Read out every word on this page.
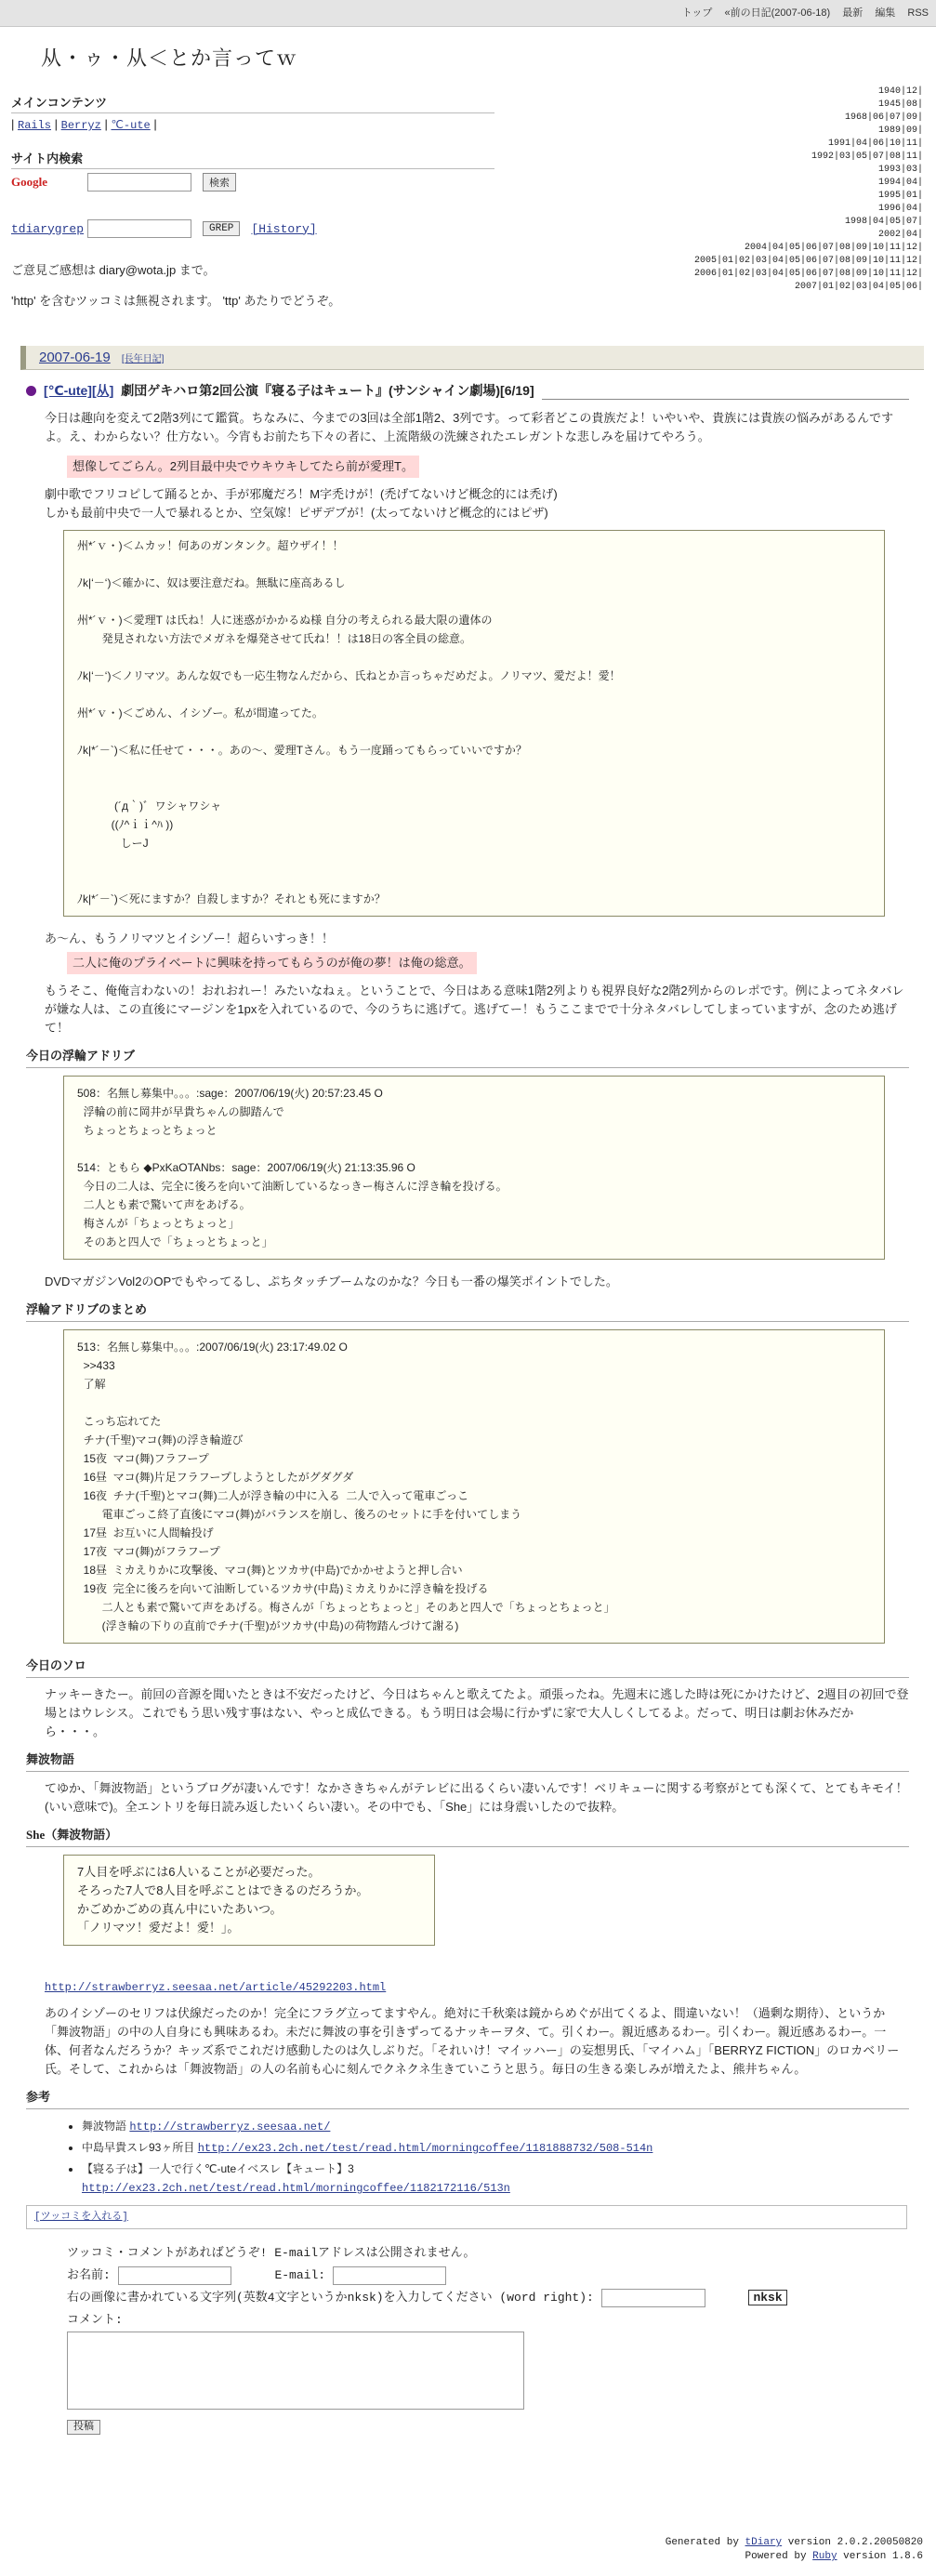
トップ «前の日記(2007-06-18) 最新 編集 RSS
从・ゥ・从＜とか言ってｗ
メインコンテンツ
| Rails | Berryz | ℃-ute |
サイト内検索
Google	検索
tdiarygrep	GREP	[History]
ご意見ご感想は diary@wota.jp まで。
'http' を含むツッコミは無視されます。 'ttp' あたりでどうぞ。
1940|12|
1945|08|
1968|06|07|09|
1989|09|
1991|04|06|10|11|
1992|03|05|07|08|11|
1993|03|
1994|04|
1995|01|
1996|04|
1998|04|05|07|
2002|04|
2004|04|05|06|07|08|09|10|11|12|
2005|01|02|03|04|05|06|07|08|09|10|11|12|
2006|01|02|03|04|05|06|07|08|09|10|11|12|
2007|01|02|03|04|05|06|
2007-06-19 [長年日記]
[℃-ute][从] 劇団ゲキハロ第2回公演『寝る子はキュート』(サンシャイン劇場)[6/19]

今日は趣向を変えて2階3列にて鑑賞。ちなみに、今までの3回は全部1階2、3列です。って彩者どこの貴族だよ！いやいや、貴族には貴族の悩みがあるんですよ。え、わからない？仕方ない。今宵もお前たち下々の者に、上流階級の洗練されたエレガントな悲しみを届けてやろう。

想像してごらん。2列目最中央でウキウキしてたら前が愛理T。

劇中歌でフリコピして踊るとか、手が邪魔だろ！M字禿けが！(禿げてないけど概念的には禿げ)

しかも最前中央で一人で暴れるとか、空気嫁！ピザデブが！(太ってないけど概念的にはピザ)

州*´ｖ・)＜ムカッ！何あのガンタンク。超ウザイ！！
ﾉk|‘－‘)＜確かに、奴は要注意だね。無駄に座高あるし
州*´ｖ・)＜愛理T は氏ね！人に迷惑がかかるぬ様 自分の考えられる最大限の遺体の
発見されない方法でメガネを爆発させて氏ね！！は18日の客全員の総意。
ﾉk|‘－‘)＜ノリマツ。あんな奴でも一応生物なんだから、氏ねとか言っちゃだめだよ。ノリマツ、愛だよ！愛！
州*´ｖ・)＜ごめん、イシゾー。私が間違ってた。
ﾉk|*´－`)＜私に任せて・・・。あの～、愛理Tさん。もう一度踊ってもらっていいですか？
(´д｀)ﾞ  ワシャワシャ
((ﾉ^ｉｉ^ﾊ ))
しーJ
ﾉk|*´－`)＜死にますか？自殺しますか？それとも死にますか？

あ～ん、もうノリマツとイシゾー！超らいすっき！！

二人に俺のプライベートに興味を持ってもらうのが俺の夢！は俺の総意。

もうそこ、俺俺言わないの！おれおれー！みたいなねぇ。ということで、今日はある意味1階2列よりも視界良好な2階2列からのレポです。例によってネタバレが嫌な人は、この直後にマージンを1pxを入れているので、今のうちに逃げて。逃げてー！もうここまでで十分ネタバレしてしまっていますが、念のため逃げて！

今日の浮輪アドリブ
508：名無し募集中。。。:sage：2007/06/19(火) 20:57:23.45 O
浮輪の前に岡井が早貴ちゃんの脚踏んで
ちょっとちょっとちょっと
514：ともら ◆PxKaOTANbs：sage：2007/06/19(火) 21:13:35.96 O
今日の二人は、完全に後ろを向いて油断しているなっきー梅さんに浮き輪を投げる。
二人とも素で驚いて声をあげる。
梅さんが「ちょっとちょっと」
そのあと四人で「ちょっとちょっと」

DVDマガジンVol2のOPでもやってるし、ぷちタッチブームなのかな？今日も一番の爆笑ポイントでした。

浮輪アドリブのまとめ
513：名無し募集中。。。:2007/06/19(火) 23:17:49.02 O
>>433
了解
こっち忘れてた
チナ(千聖)マコ(舞)の浮き輪遊び
15夜  マコ(舞)フラフープ
16昼  マコ(舞)片足フラフープしようとしたがグダグダ
16夜  チナ(千聖)とマコ(舞)二人が浮き輪の中に入る  二人で入って電車ごっこ
電車ごっこ終了直後にマコ(舞)がバランスを崩し、後ろのセットに手を付いてしまう
17昼  お互いに人間輪投げ
17夜  マコ(舞)がフラフープ
18昼  ミカえりかに攻撃後、マコ(舞)とツカサ(中島)でかかせようと押し合い
19夜  完全に後ろを向いて油断しているツカサ(中島)ミカえりかに浮き輪を投げる
二人とも素で驚いて声をあげる。梅さんが「ちょっとちょっと」そのあと四人で「ちょっとちょっと」
(浮き輪の下りの直前でチナ(千聖)がツカサ(中島)の荷物踏んづけて謝る)
今日のソロ

ナッキーきたー。前回の音源を聞いたときは不安だったけど、今日はちゃんと歌えてたよ。頑張ったね。先週末に逃した時は死にかけたけど、2週目の初回で登場とはウレシス。これでもう思い残す事はない、やっと成仏できる。もう明日は会場に行かずに家で大人しくしてるよ。だって、明日は劇お休みだから・・・。

舞波物語

てゆか、「舞波物語」というブログが凄いんです！なかさきちゃんがテレビに出るくらい凄いんです！ベリキューに関する考察がとても深くて、とてもキモイ！(いい意味で)。全エントリを毎日読み返したいくらい凄い。その中でも、「She」には身震いしたので抜粋。

She（舞波物語）
7人目を呼ぶには6人いることが必要だった。
そろった7人で8人目を呼ぶことはできるのだろうか。
かごめかごめの真ん中にいたあいつ。
「ノリマツ！愛だよ！愛！」。

http://strawberryz.seesaa.net/article/45292203.html

あのイシゾーのセリフは伏線だったのか！完全にフラグ立ってますやん。絶対に千秋楽は鏡からめぐが出てくるよ、間違いない！（過剰な期待）、というか「舞波物語」の中の人自身にも興味あるわ。未だに舞波の事を引きずってるナッキーヲタ、て。引くわー。親近感あるわー。引くわー。親近感あるわー。一体、何者なんだろうか？キッズ系でこれだけ感動したのは久しぶりだ。「それいけ！マイッハー」の妄想男氏、「マイハム」「BERRYZ FICTION」のロカベリー氏。そして、これからは「舞波物語」の人の名前も心に刻んでクネクネ生きていこうと思う。毎日の生きる楽しみが増えたよ、熊井ちゃん。

参考
• 舞波物語 http://strawberryz.seesaa.net/
• 中島早貴スレ93ヶ所目 http://ex23.2ch.net/test/read.html/morningcoffee/1181888732/508-514n
• 【寝る子は】一人で行く℃-uteイベスレ【キュート】3
http://ex23.2ch.net/test/read.html/morningcoffee/1182172116/513n
[ツッコミを入れる]
ツッコミ・コメントがあればどうぞ! E-mailアドレスは公開されません。
お名前:	E-mail:
右の画像に書かれている文字列(英数4文字というかnksk)を入力してください (word right):	nksk
コメント:
投稿
Generated by tDiary version 2.0.2.20050820
Powered by Ruby version 1.8.6
